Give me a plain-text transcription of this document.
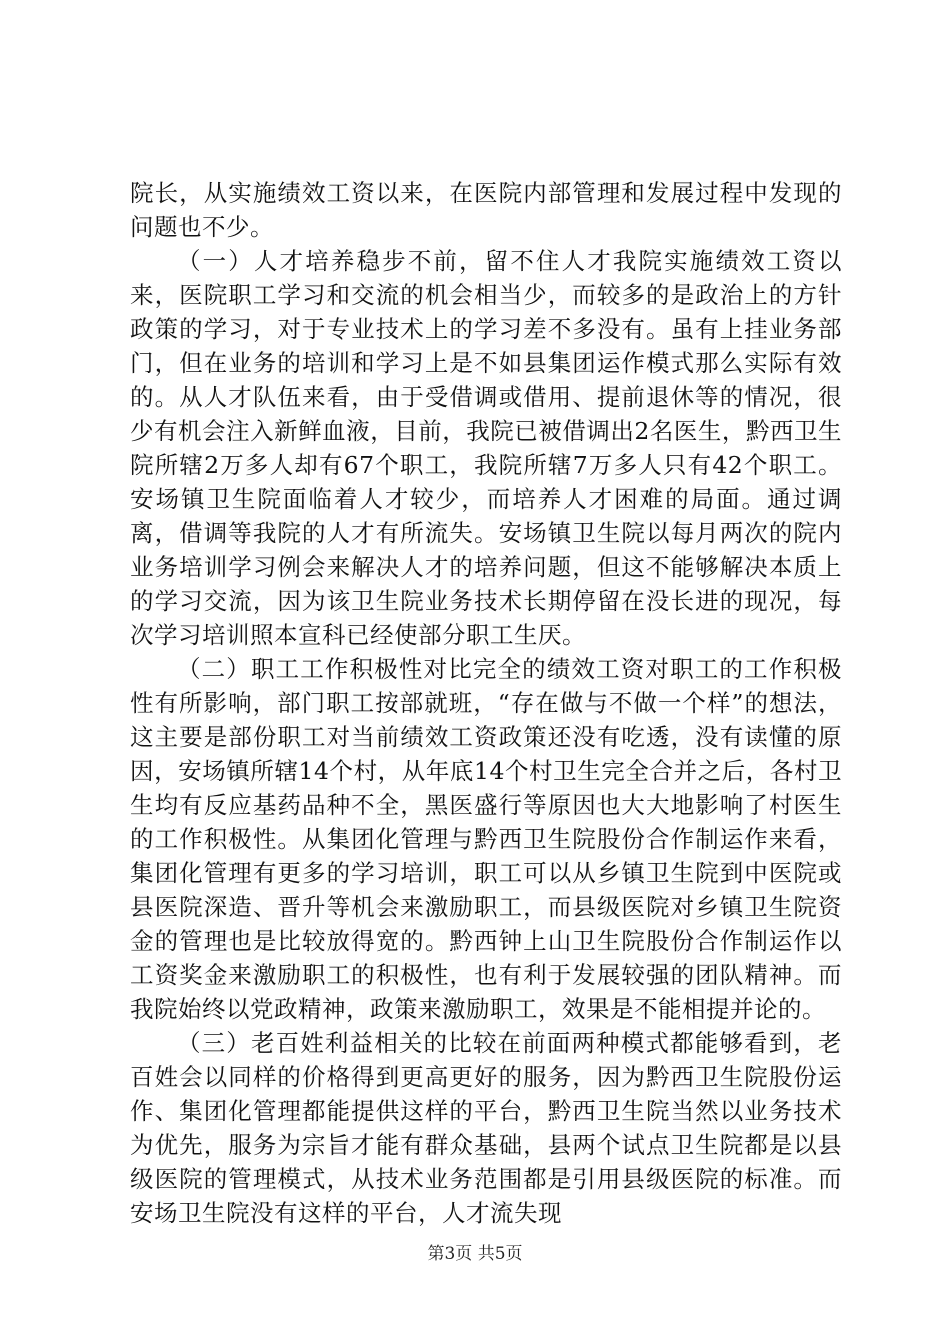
院长，从实施绩效工资以来，在医院内部管理和发展过程中发现的问题也不少。

（一）人才培养稳步不前，留不住人才我院实施绩效工资以来，医院职工学习和交流的机会相当少，而较多的是政治上的方针政策的学习，对于专业技术上的学习差不多没有。虽有上挂业务部门，但在业务的培训和学习上是不如县集团运作模式那么实际有效的。从人才队伍来看，由于受借调或借用、提前退休等的情况，很少有机会注入新鲜血液，目前，我院已被借调出2名医生，黔西卫生院所辖2万多人却有67个职工，我院所辖7万多人只有42个职工。安场镇卫生院面临着人才较少，而培养人才困难的局面。通过调离，借调等我院的人才有所流失。安场镇卫生院以每月两次的院内业务培训学习例会来解决人才的培养问题，但这不能够解决本质上的学习交流，因为该卫生院业务技术长期停留在没长进的现况，每次学习培训照本宣科已经使部分职工生厌。

（二）职工工作积极性对比完全的绩效工资对职工的工作积极性有所影响，部门职工按部就班，“存在做与不做一个样”的想法，这主要是部份职工对当前绩效工资政策还没有吃透，没有读懂的原因，安场镇所辖14个村，从年底14个村卫生完全合并之后，各村卫生均有反应基药品种不全，黑医盛行等原因也大大地影响了村医生的工作积极性。从集团化管理与黔西卫生院股份合作制运作来看，集团化管理有更多的学习培训，职工可以从乡镇卫生院到中医院或县医院深造、晋升等机会来激励职工，而县级医院对乡镇卫生院资金的管理也是比较放得宽的。黔西钟上山卫生院股份合作制运作以工资奖金来激励职工的积极性，也有利于发展较强的团队精神。而我院始终以党政精神，政策来激励职工，效果是不能相提并论的。

（三）老百姓利益相关的比较在前面两种模式都能够看到，老百姓会以同样的价格得到更高更好的服务，因为黔西卫生院股份运作、集团化管理都能提供这样的平台，黔西卫生院当然以业务技术为优先，服务为宗旨才能有群众基础，县两个试点卫生院都是以县级医院的管理模式，从技术业务范围都是引用县级医院的标准。而安场卫生院没有这样的平台，人才流失现

第3页 共5页
